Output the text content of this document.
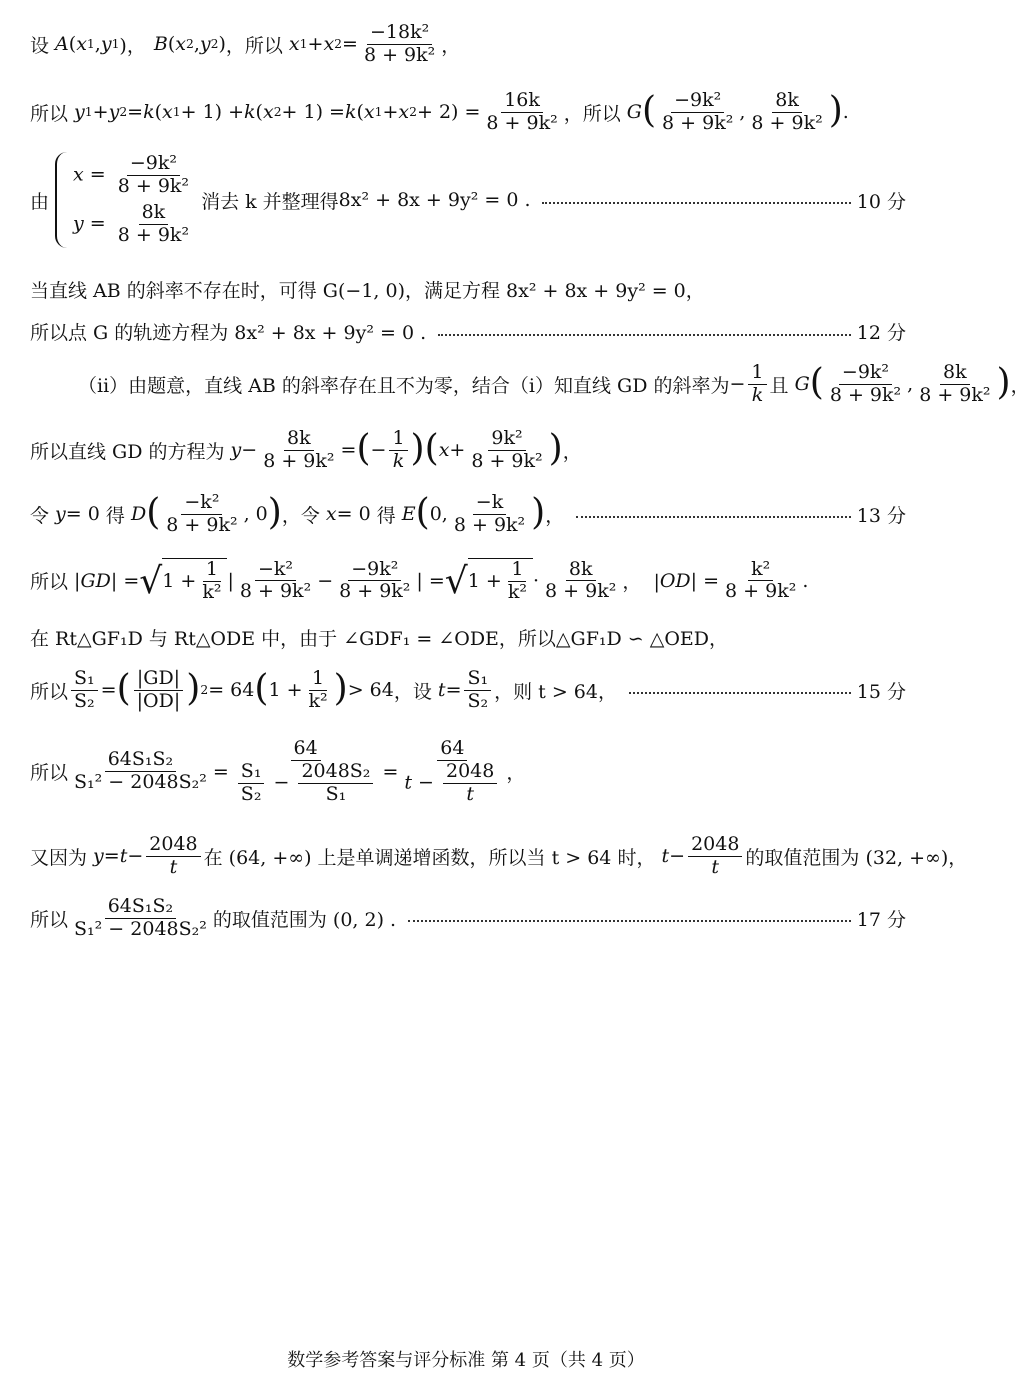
设 A ( x 1 , y 1 )， B ( x 2 , y 2 ) ，所以 x 1 + x $2 = \frac{\text{−18k²}}{\text{8 + 9k²}}$ ，
所以 y 1 + y 2 = k ( x 1 + 1) + k ( x 2 + 1) = k ( x 1 + x $2 + 2) = \frac{16k}{\text{8 + 9k²}}$ ，所以 G ( $\frac{\text{−9k²}}{\text{8 + 9k²}}$ , $\frac{8k}{\text{8 + 9k²}}$ ) .
由
$x = \frac{\text{−9k²}}{\text{8 + 9k²}}$
$y = \frac{8k}{\text{8 + 9k²}}$
消去 k 并整理得 8x² + 8x + 9y² = 0 .	10 分
当直线 AB 的斜率不存在时，可得 G(−1, 0)，满足方程 8x² + 8x + 9y² = 0，
所以点 G 的轨迹方程为 8x² + 8x + 9y² = 0 .	12 分
（ⅱ）由题意，直线 AB 的斜率存在且不为零，结合（ⅰ）知直线 GD 的斜率为 − $\frac{1}{k}$ 且 G ( $\frac{\text{−9k²}}{\text{8 + 9k²}}$ , $\frac{8k}{\text{8 + 9k²}}$ ) ，
所以直线 GD 的方程为 $y - \frac{8k}{\text{8 + 9k²}}$ = ( − $\frac{1}{k}$ ) ( $x + \frac{\text{9k²}}{\text{8 + 9k²}}$ ) ，
令 y = 0 得 D ( $\frac{\text{−k²}}{\text{8 + 9k²}}$ , 0 ) ，令 x = 0 得 E ( 0, $\frac{-k}{\text{8 + 9k²}}$ ) ，	13 分
所以 | GD | = √ $1 + \frac{1}{\text{k²}}$ | $\frac{\text{−k²}}{\text{8 + 9k²}} - \frac{\text{−9k²}}{\text{8 + 9k²}}$ | = √ $1 + \frac{1}{\text{k²}} \cdot \frac{8k}{\text{8 + 9k²}}$ ，  | OD | = $\frac{\text{k²}}{\text{8 + 9k²}}$ .
在 Rt△GF₁D 与 Rt△ODE 中，由于 ∠GDF₁ = ∠ODE，所以△GF₁D ∽ △OED，
所以 $\frac{\text{S₁}}{\text{S₂}}$ = ( $\frac{|GD|}{|OD|}$ ) 2 = 64 ( $1 + \frac{1}{\text{k²}}$ ) > 64 ，设 $t = \frac{\text{S₁}}{\text{S₂}}$ ，则 t > 64，	15 分
所以 $\frac{\text{64S₁S₂}}{\text{S₁² − 2048S₂²}} = \frac{64}{\frac{\text{S₁}}{\text{S₂}} - \frac{\text{2048S₂}}{\text{S₁}}} = \frac{64}{t - \frac{2048}{t}}$ ，
又因为 $y = t - \frac{2048}{t}$ 在 (64, +∞) 上是单调递增函数，所以当 t > 64 时， $t - \frac{2048}{t}$ 的取值范围为 (32, +∞)，
所以 $\frac{\text{64S₁S₂}}{\text{S₁² − 2048S₂²}}$ 的取值范围为 (0, 2) .	17 分
数学参考答案与评分标准 第 4 页（共 4 页）
